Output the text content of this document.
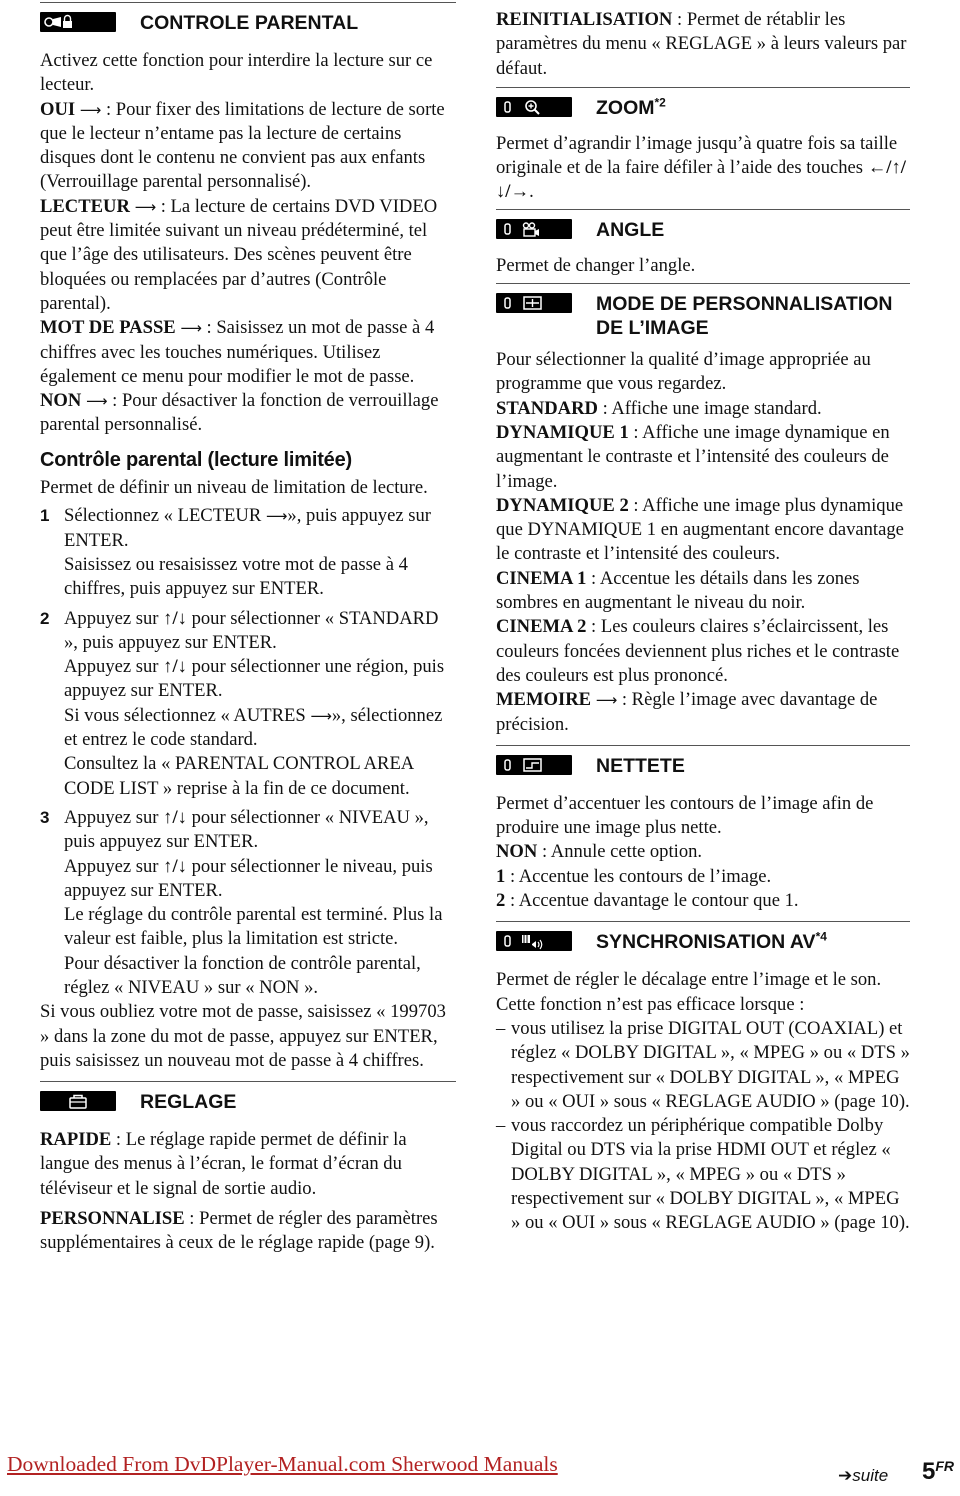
CONTROLE PARENTAL

Activez cette fonction pour interdire la lecture sur ce lecteur.

OUI ⟶ : Pour fixer des limitations de lecture de sorte que le lecteur n’entame pas la lecture de certains disques dont le contenu ne convient pas aux enfants (Verrouillage parental personnalisé).

LECTEUR ⟶ : La lecture de certains DVD VIDEO peut être limitée suivant un niveau prédéterminé, tel que l’âge des utilisateurs. Des scènes peuvent être bloquées ou remplacées par d’autres (Contrôle parental).

MOT DE PASSE ⟶ : Saisissez un mot de passe à 4 chiffres avec les touches numériques. Utilisez également ce menu pour modifier le mot de passe.

NON ⟶ : Pour désactiver la fonction de verrouillage parental personnalisé.

Contrôle parental (lecture limitée)

Permet de définir un niveau de limitation de lecture.

1 Sélectionnez « LECTEUR ⟶», puis appuyez sur ENTER.

Saisissez ou resaisissez votre mot de passe à 4 chiffres, puis appuyez sur ENTER.

2 Appuyez sur ↑/↓ pour sélectionner « STANDARD », puis appuyez sur ENTER.

Appuyez sur ↑/↓ pour sélectionner une région, puis appuyez sur ENTER.

Si vous sélectionnez « AUTRES ⟶», sélectionnez et entrez le code standard.

Consultez la « PARENTAL CONTROL AREA CODE LIST » reprise à la fin de ce document.

3 Appuyez sur ↑/↓ pour sélectionner « NIVEAU », puis appuyez sur ENTER.

Appuyez sur ↑/↓ pour sélectionner le niveau, puis appuyez sur ENTER.

Le réglage du contrôle parental est terminé. Plus la valeur est faible, plus la limitation est stricte.

Pour désactiver la fonction de contrôle parental, réglez « NIVEAU » sur « NON ».

Si vous oubliez votre mot de passe, saisissez « 199703 » dans la zone du mot de passe, appuyez sur ENTER, puis saisissez un nouveau mot de passe à 4 chiffres.

REGLAGE

RAPIDE : Le réglage rapide permet de définir la langue des menus à l’écran, le format d’écran du téléviseur et le signal de sortie audio.

PERSONNALISE : Permet de régler des paramètres supplémentaires à ceux de le réglage rapide (page 9).

REINITIALISATION : Permet de rétablir les paramètres du menu « REGLAGE » à leurs valeurs par défaut.

ZOOM$^{*2}$

Permet d’agrandir l’image jusqu’à quatre fois sa taille originale et de la faire défiler à l’aide des touches ←/↑/↓/→.

ANGLE

Permet de changer l’angle.

MODE DE PERSONNALISATION DE L’IMAGE

Pour sélectionner la qualité d’image appropriée au programme que vous regardez.

STANDARD : Affiche une image standard.

DYNAMIQUE 1 : Affiche une image dynamique en augmentant le contraste et l’intensité des couleurs de l’image.

DYNAMIQUE 2 : Affiche une image plus dynamique que DYNAMIQUE 1 en augmentant encore davantage le contraste et l’intensité des couleurs.

CINEMA 1 : Accentue les détails dans les zones sombres en augmentant le niveau du noir.

CINEMA 2 : Les couleurs claires s’éclaircissent, les couleurs foncées deviennent plus riches et le contraste des couleurs est plus prononcé.

MEMOIRE ⟶ : Règle l’image avec davantage de précision.

NETTETE

Permet d’accentuer les contours de l’image afin de produire une image plus nette.

NON : Annule cette option.

1 : Accentue les contours de l’image.

2 : Accentue davantage le contour que 1.

SYNCHRONISATION AV$^{*4}$

Permet de régler le décalage entre l’image et le son.

Cette fonction n’est pas efficace lorsque :

– vous utilisez la prise DIGITAL OUT (COAXIAL) et réglez « DOLBY DIGITAL », « MPEG » ou « DTS » respectivement sur « DOLBY DIGITAL », « MPEG » ou « OUI » sous « REGLAGE AUDIO » (page 10).

– vous raccordez un périphérique compatible Dolby Digital ou DTS via la prise HDMI OUT et réglez « DOLBY DIGITAL », « MPEG » ou « DTS » respectivement sur « DOLBY DIGITAL », « MPEG » ou « OUI » sous « REGLAGE AUDIO » (page 10).

Downloaded From DvDPlayer-Manual.com Sherwood Manuals	➔suite $5^{FR}$
